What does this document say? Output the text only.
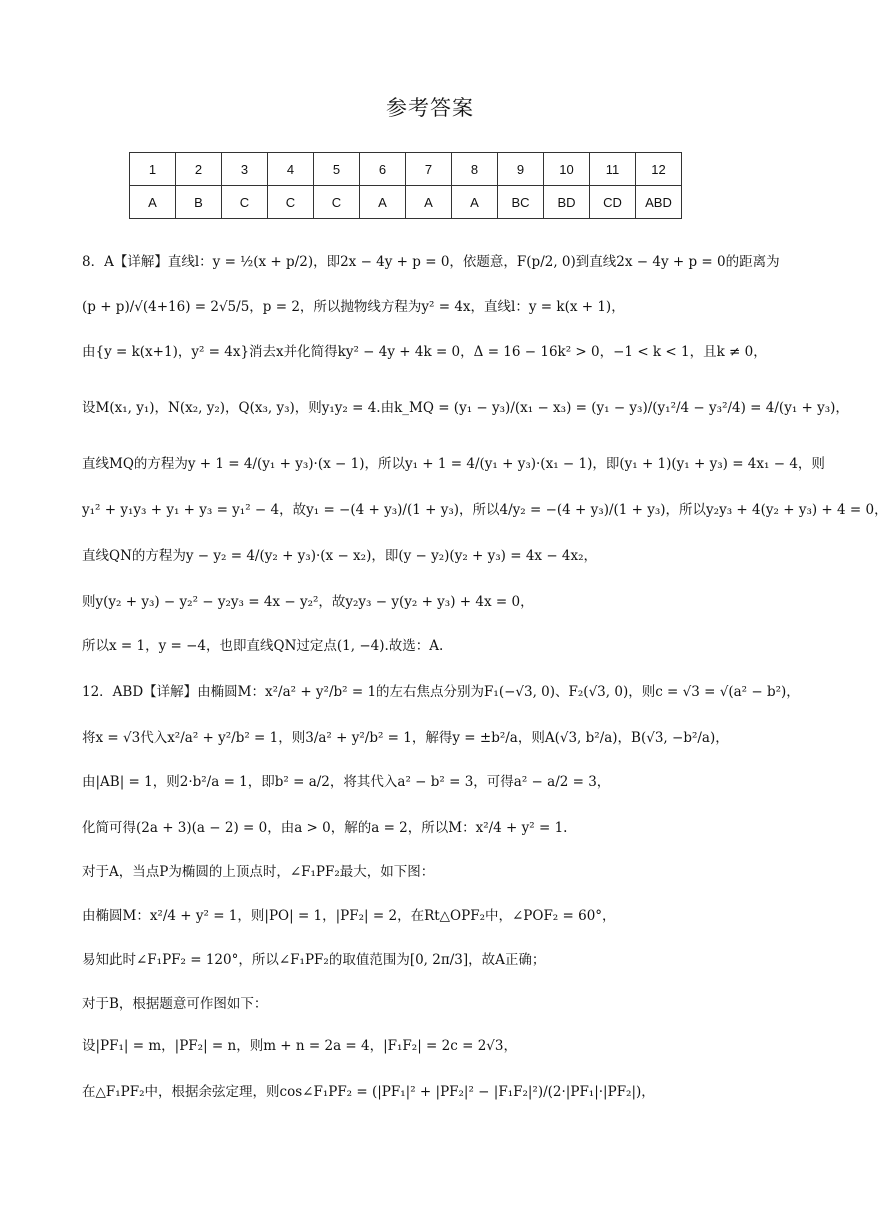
参考答案
1	2	3	4	5	6	7	8	9	10	11	12
A	B	C	C	C	A	A	A	BC	BD	CD	ABD
8．A【详解】直线l：y = ½(x + p/2)，即2x − 4y + p = 0，依题意，F(p/2, 0)到直线2x − 4y + p = 0的距离为
(p + p)/√(4+16) = 2√5/5，p = 2，所以抛物线方程为y² = 4x，直线l：y = k(x + 1)，
由{y = k(x+1)，y² = 4x}消去x并化简得ky² − 4y + 4k = 0，Δ = 16 − 16k² > 0，−1 < k < 1，且k ≠ 0，
设M(x₁, y₁)，N(x₂, y₂)，Q(x₃, y₃)，则y₁y₂ = 4.由k_MQ = (y₁ − y₃)/(x₁ − x₃) = (y₁ − y₃)/(y₁²/4 − y₃²/4) = 4/(y₁ + y₃)，
直线MQ的方程为y + 1 = 4/(y₁ + y₃)·(x − 1)，所以y₁ + 1 = 4/(y₁ + y₃)·(x₁ − 1)，即(y₁ + 1)(y₁ + y₃) = 4x₁ − 4，则
y₁² + y₁y₃ + y₁ + y₃ = y₁² − 4，故y₁ = −(4 + y₃)/(1 + y₃)，所以4/y₂ = −(4 + y₃)/(1 + y₃)，所以y₂y₃ + 4(y₂ + y₃) + 4 = 0，
直线QN的方程为y − y₂ = 4/(y₂ + y₃)·(x − x₂)，即(y − y₂)(y₂ + y₃) = 4x − 4x₂，
则y(y₂ + y₃) − y₂² − y₂y₃ = 4x − y₂²，故y₂y₃ − y(y₂ + y₃) + 4x = 0，
所以x = 1，y = −4，也即直线QN过定点(1, −4).故选：A.
12．ABD【详解】由椭圆M：x²/a² + y²/b² = 1的左右焦点分别为F₁(−√3, 0)、F₂(√3, 0)，则c = √3 = √(a² − b²)，
将x = √3代入x²/a² + y²/b² = 1，则3/a² + y²/b² = 1，解得y = ±b²/a，则A(√3, b²/a)，B(√3, −b²/a)，
由|AB| = 1，则2·b²/a = 1，即b² = a/2，将其代入a² − b² = 3，可得a² − a/2 = 3，
化简可得(2a + 3)(a − 2) = 0，由a > 0，解的a = 2，所以M：x²/4 + y² = 1.
对于A，当点P为椭圆的上顶点时，∠F₁PF₂最大，如下图：
由椭圆M：x²/4 + y² = 1，则|PO| = 1，|PF₂| = 2，在Rt△OPF₂中，∠POF₂ = 60°，
易知此时∠F₁PF₂ = 120°，所以∠F₁PF₂的取值范围为[0, 2π/3]，故A正确；
对于B，根据题意可作图如下：
设|PF₁| = m，|PF₂| = n，则m + n = 2a = 4，|F₁F₂| = 2c = 2√3，
在△F₁PF₂中，根据余弦定理，则cos∠F₁PF₂ = (|PF₁|² + |PF₂|² − |F₁F₂|²)/(2·|PF₁|·|PF₂|)，
